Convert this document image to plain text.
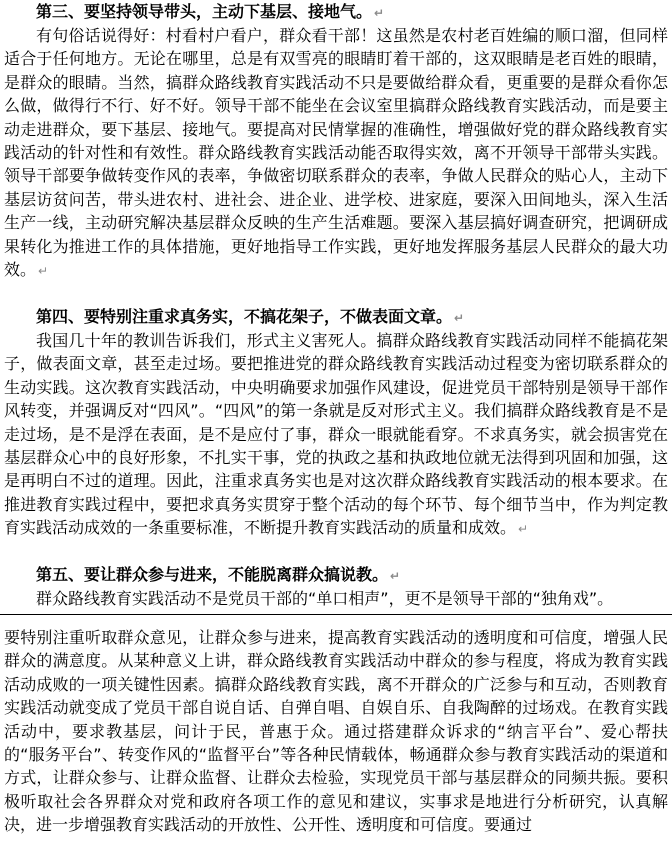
第三、要坚持领导带头，主动下基层、接地气。 ↵

有句俗话说得好：村看村户看户，群众看干部！这虽然是农村老百姓编的顺口溜，但同样适合于任何地方。无论在哪里，总是有双雪亮的眼睛盯着干部的，这双眼睛是老百姓的眼睛，是群众的眼睛。当然，搞群众路线教育实践活动不只是要做给群众看，更重要的是群众看你怎么做，做得行不行、好不好。领导干部不能坐在会议室里搞群众路线教育实践活动，而是要主动走进群众，要下基层、接地气。要提高对民情掌握的准确性，增强做好党的群众路线教育实践活动的针对性和有效性。群众路线教育实践活动能否取得实效，离不开领导干部带头实践。领导干部要争做转变作风的表率，争做密切联系群众的表率，争做人民群众的贴心人，主动下基层访贫问苦，带头进农村、进社会、进企业、进学校、进家庭，要深入田间地头，深入生活生产一线，主动研究解决基层群众反映的生产生活难题。要深入基层搞好调查研究，把调研成果转化为推进工作的具体措施，更好地指导工作实践，更好地发挥服务基层人民群众的最大功效。 ↵

第四、要特别注重求真务实，不搞花架子，不做表面文章。 ↵

我国几十年的教训告诉我们，形式主义害死人。搞群众路线教育实践活动同样不能搞花架子，做表面文章，甚至走过场。要把推进党的群众路线教育实践活动过程变为密切联系群众的生动实践。这次教育实践活动，中央明确要求加强作风建设，促进党员干部特别是领导干部作风转变，并强调反对“四风”。“四风”的第一条就是反对形式主义。我们搞群众路线教育是不是走过场，是不是浮在表面，是不是应付了事，群众一眼就能看穿。不求真务实，就会损害党在基层群众心中的良好形象，不扎实干事，党的执政之基和执政地位就无法得到巩固和加强，这是再明白不过的道理。因此，注重求真务实也是对这次群众路线教育实践活动的根本要求。在推进教育实践过程中，要把求真务实贯穿于整个活动的每个环节、每个细节当中，作为判定教育实践活动成效的一条重要标准，不断提升教育实践活动的质量和成效。 ↵

第五、要让群众参与进来，不能脱离群众搞说教。 ↵

群众路线教育实践活动不是党员干部的“单口相声”，更不是领导干部的“独角戏”。

要特别注重听取群众意见，让群众参与进来，提高教育实践活动的透明度和可信度，增强人民群众的满意度。从某种意义上讲，群众路线教育实践活动中群众的参与程度，将成为教育实践活动成败的一项关键性因素。搞群众路线教育实践，离不开群众的广泛参与和互动，否则教育实践活动就变成了党员干部自说自话、自弹自唱、自娱自乐、自我陶醉的过场戏。在教育实践活动中，要求教基层，问计于民，普惠于众。通过搭建群众诉求的“纳言平台”、爱心帮扶的“服务平台”、转变作风的“监督平台”等各种民情载体，畅通群众参与教育实践活动的渠道和方式，让群众参与、让群众监督、让群众去检验，实现党员干部与基层群众的同频共振。要积极听取社会各界群众对党和政府各项工作的意见和建议，实事求是地进行分析研究，认真解决，进一步增强教育实践活动的开放性、公开性、透明度和可信度。要通过
